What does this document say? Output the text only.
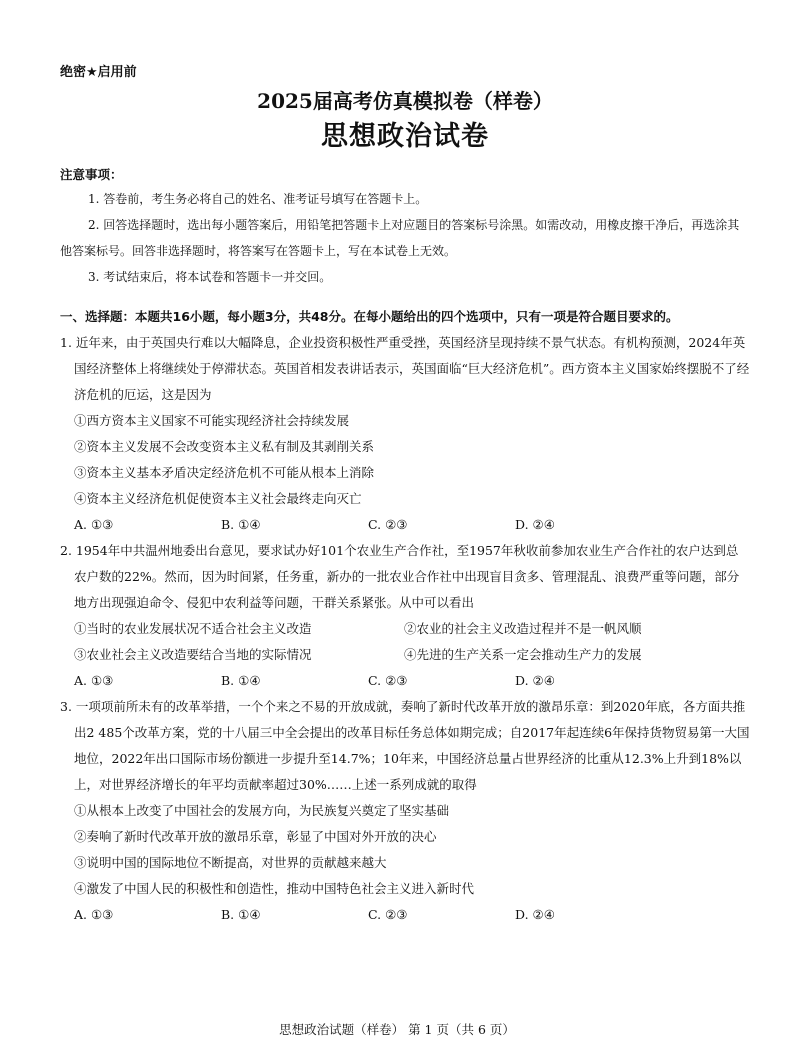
绝密★启用前
2025届高考仿真模拟卷（样卷）
思想政治试卷

注意事项：

1. 答卷前，考生务必将自己的姓名、准考证号填写在答题卡上。

2. 回答选择题时，选出每小题答案后，用铅笔把答题卡上对应题目的答案标号涂黑。如需改动，用橡皮擦干净后，再选涂其他答案标号。回答非选择题时，将答案写在答题卡上，写在本试卷上无效。

3. 考试结束后，将本试卷和答题卡一并交回。

一、选择题：本题共16小题，每小题3分，共48分。在每小题给出的四个选项中，只有一项是符合题目要求的。

1. 近年来，由于英国央行难以大幅降息，企业投资积极性严重受挫，英国经济呈现持续不景气状态。有机构预测，2024年英国经济整体上将继续处于停滞状态。英国首相发表讲话表示，英国面临“巨大经济危机”。西方资本主义国家始终摆脱不了经济危机的厄运，这是因为

①西方资本主义国家不可能实现经济社会持续发展

②资本主义发展不会改变资本主义私有制及其剥削关系

③资本主义基本矛盾决定经济危机不可能从根本上消除

④资本主义经济危机促使资本主义社会最终走向灭亡

A. ①③	B. ①④	C. ②③	D. ②④

2. 1954年中共温州地委出台意见，要求试办好101个农业生产合作社，至1957年秋收前参加农业生产合作社的农户达到总农户数的22%。然而，因为时间紧，任务重，新办的一批农业合作社中出现盲目贪多、管理混乱、浪费严重等问题，部分地方出现强迫命令、侵犯中农利益等问题，干群关系紧张。从中可以看出

①当时的农业发展状况不适合社会主义改造	②农业的社会主义改造过程并不是一帆风顺
③农业社会主义改造要结合当地的实际情况	④先进的生产关系一定会推动生产力的发展
A. ①③	B. ①④	C. ②③	D. ②④

3. 一项项前所未有的改革举措，一个个来之不易的开放成就，奏响了新时代改革开放的激昂乐章：到2020年底，各方面共推出2 485个改革方案，党的十八届三中全会提出的改革目标任务总体如期完成；自2017年起连续6年保持货物贸易第一大国地位，2022年出口国际市场份额进一步提升至14.7%；10年来，中国经济总量占世界经济的比重从12.3%上升到18%以上，对世界经济增长的年平均贡献率超过30%……上述一系列成就的取得

①从根本上改变了中国社会的发展方向，为民族复兴奠定了坚实基础

②奏响了新时代改革开放的激昂乐章，彰显了中国对外开放的决心

③说明中国的国际地位不断提高，对世界的贡献越来越大

④激发了中国人民的积极性和创造性，推动中国特色社会主义进入新时代

A. ①③	B. ①④	C. ②③	D. ②④
思想政治试题（样卷） 第 1 页（共 6 页）
